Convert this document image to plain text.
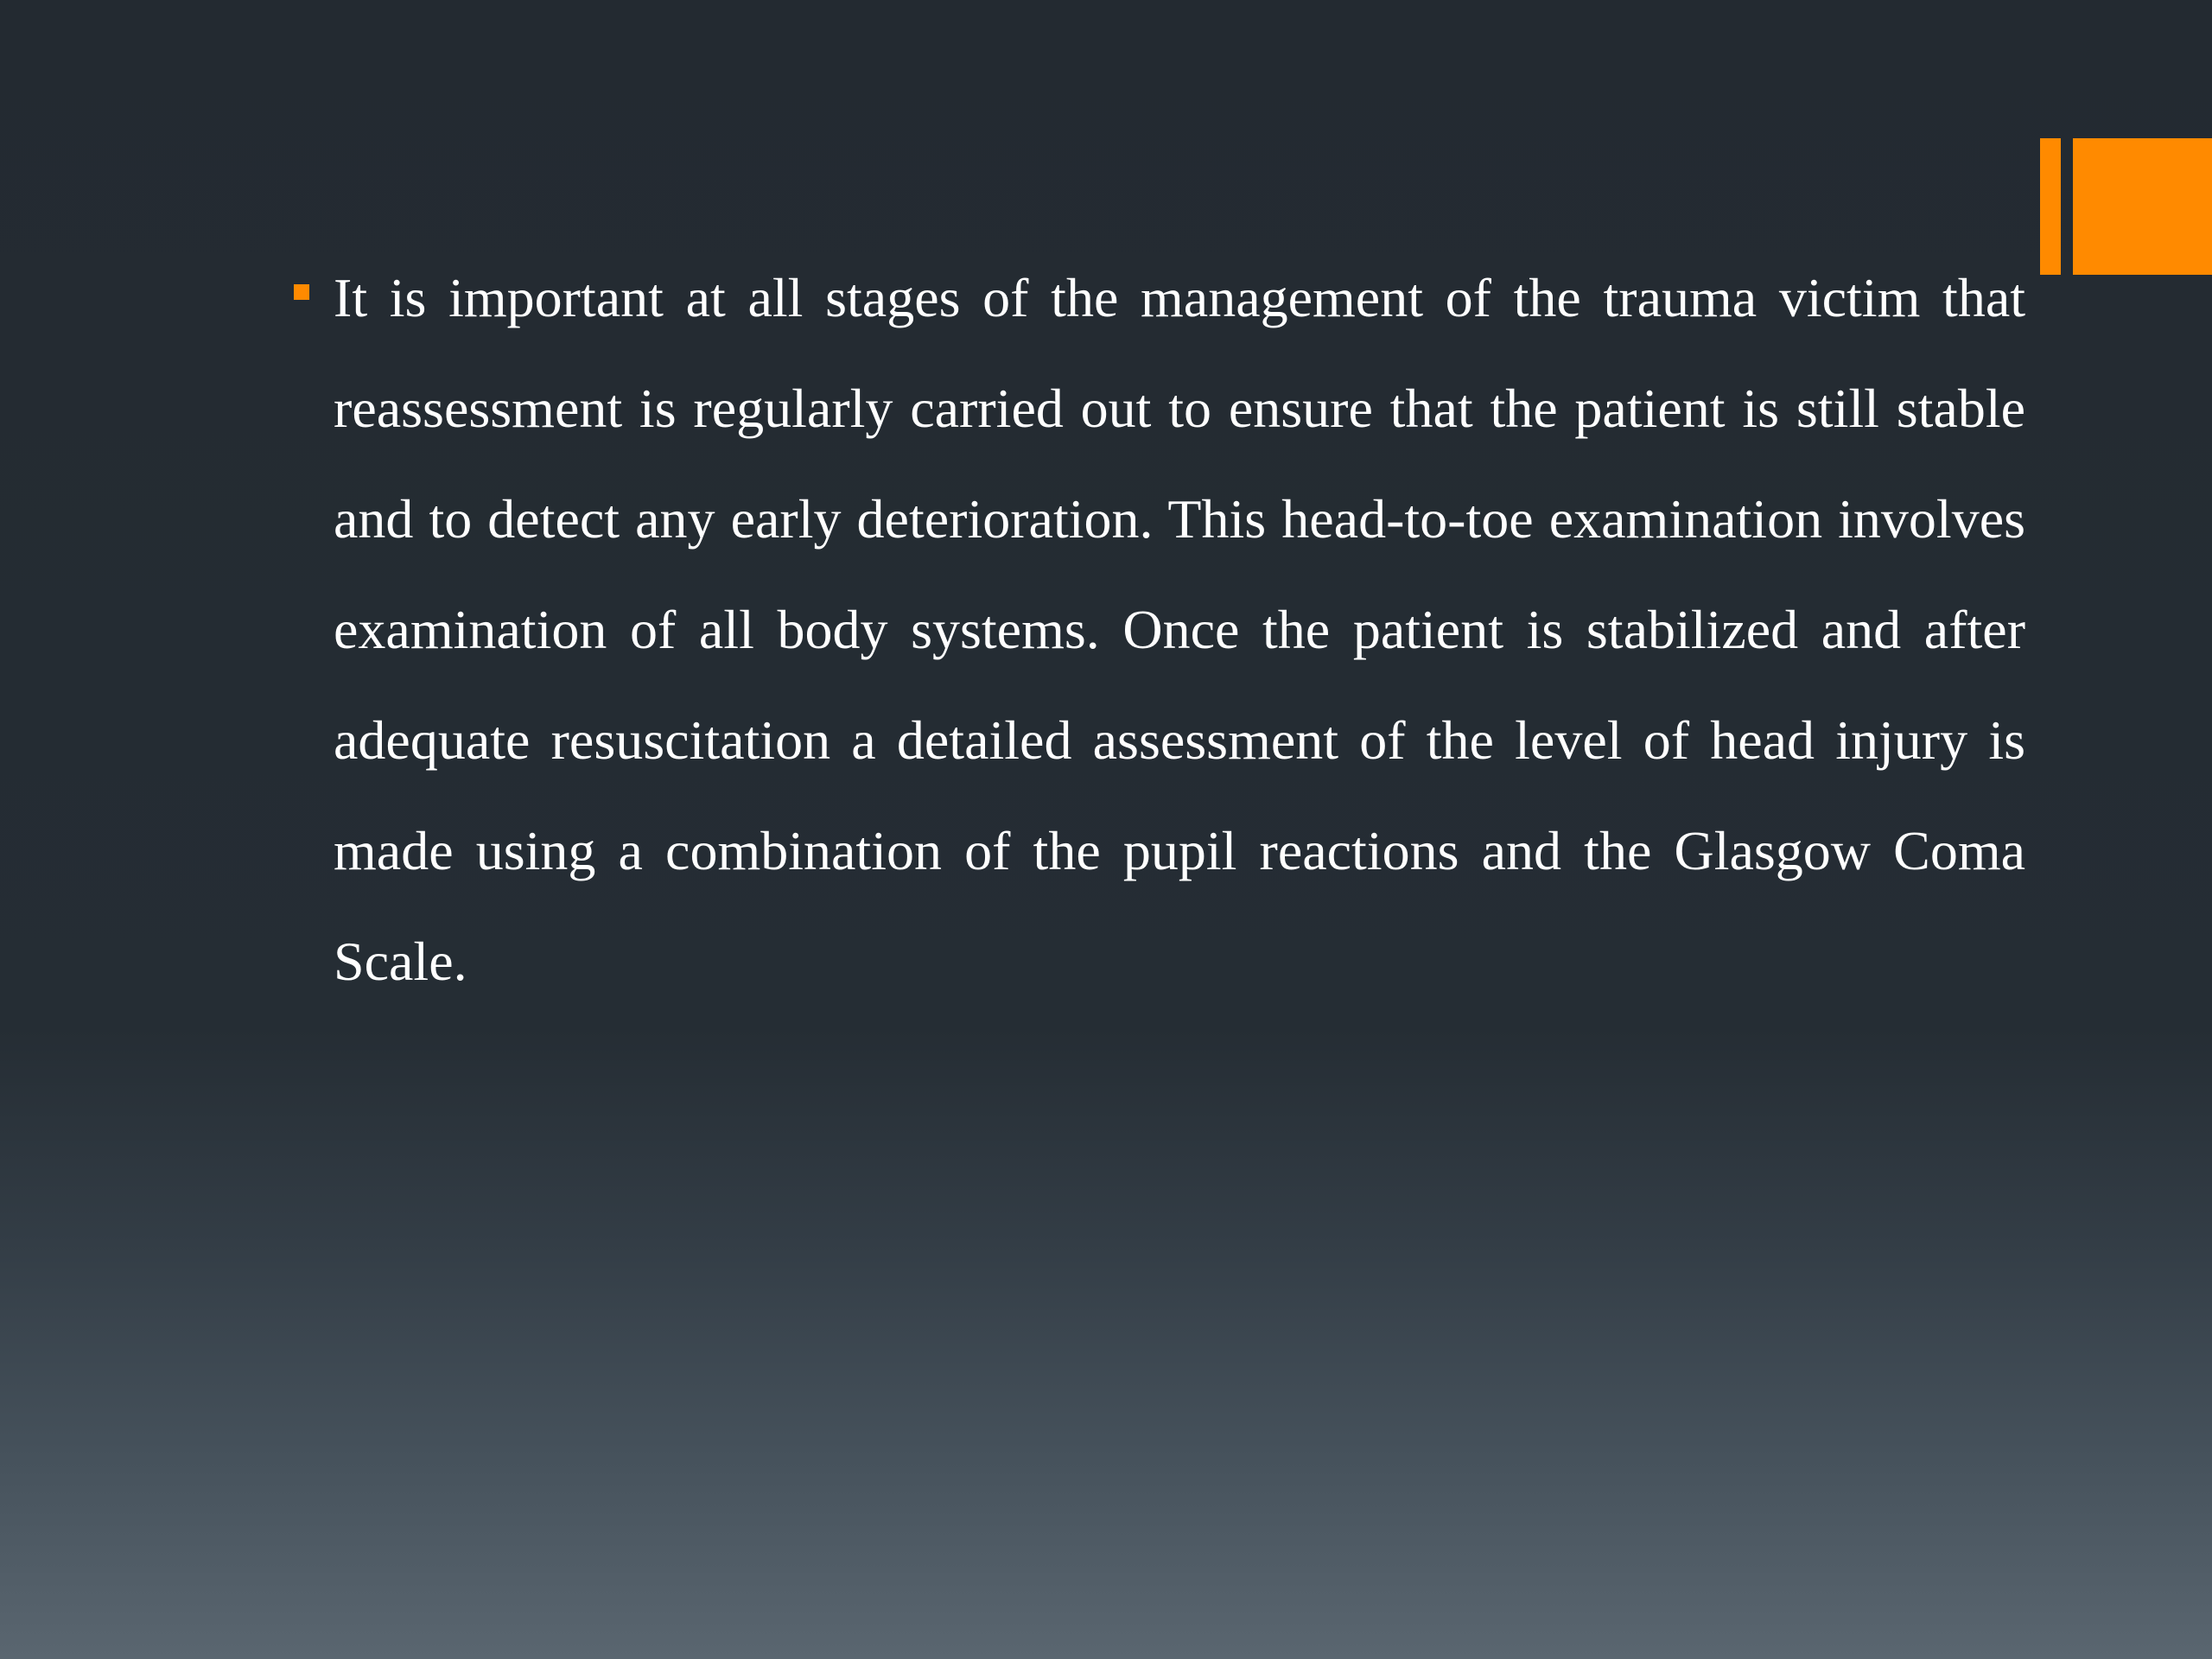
It is important at all stages of the management of the trauma victim that reassessment is regularly carried out to ensure that the patient is still stable and to detect any early deterioration. This head-to-toe examination involves examination of all body systems. Once the patient is stabilized and after adequate resuscitation a detailed assessment of the level of head injury is made using a combination of the pupil reactions and the Glasgow Coma Scale.
